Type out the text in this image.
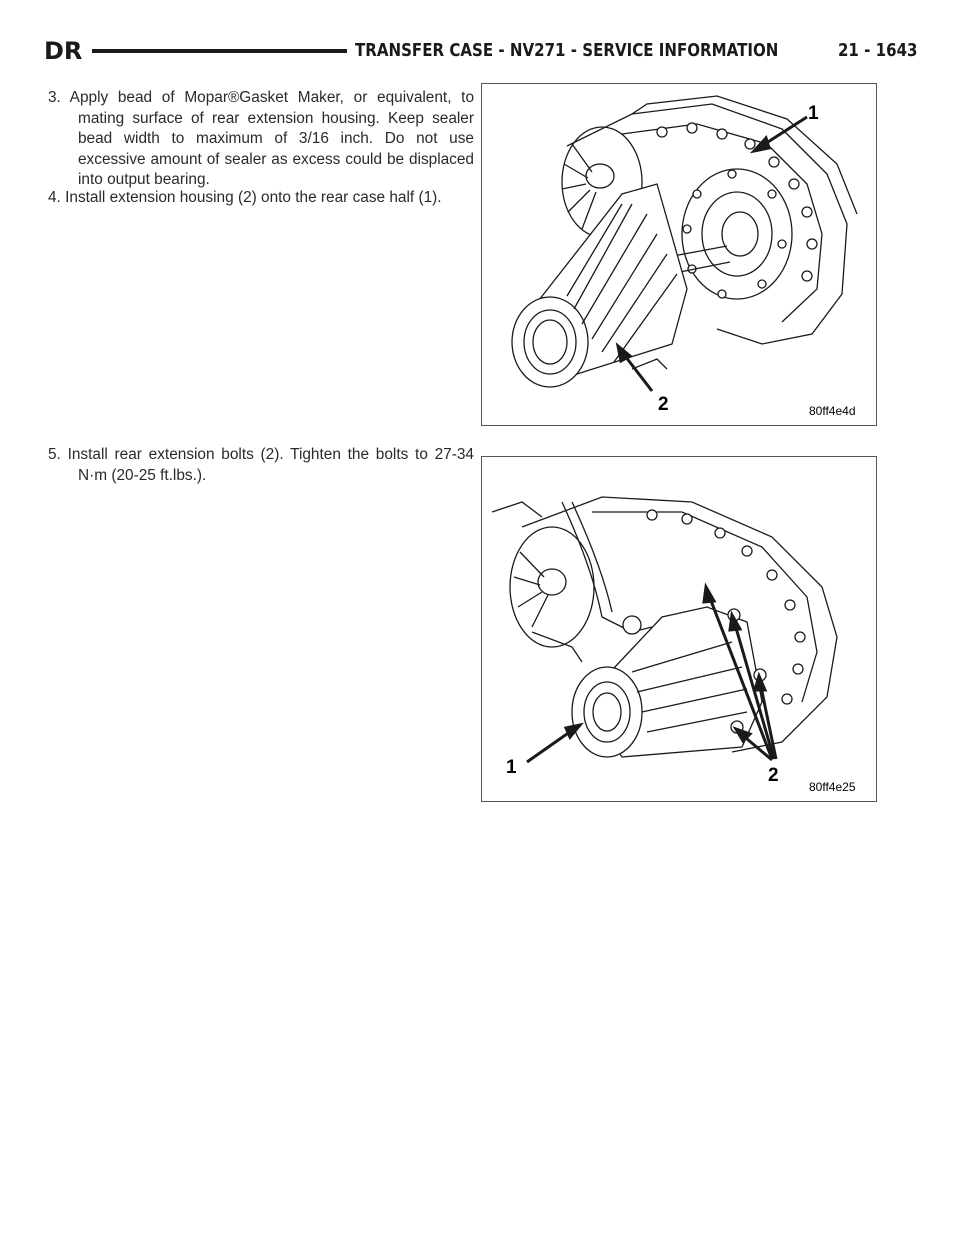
DR	TRANSFER CASE - NV271 - SERVICE INFORMATION	21 - 1643
3. Apply bead of Mopar®Gasket Maker, or equivalent, to mating surface of rear extension housing. Keep sealer bead width to maximum of 3/16 inch. Do not use excessive amount of sealer as excess could be displaced into output bearing.
4. Install extension housing (2) onto the rear case half (1).
5. Install rear extension bolts (2). Tighten the bolts to 27-34 N·m (20-25 ft.lbs.).
1
2	80ff4e4d
1	2
80ff4e25
